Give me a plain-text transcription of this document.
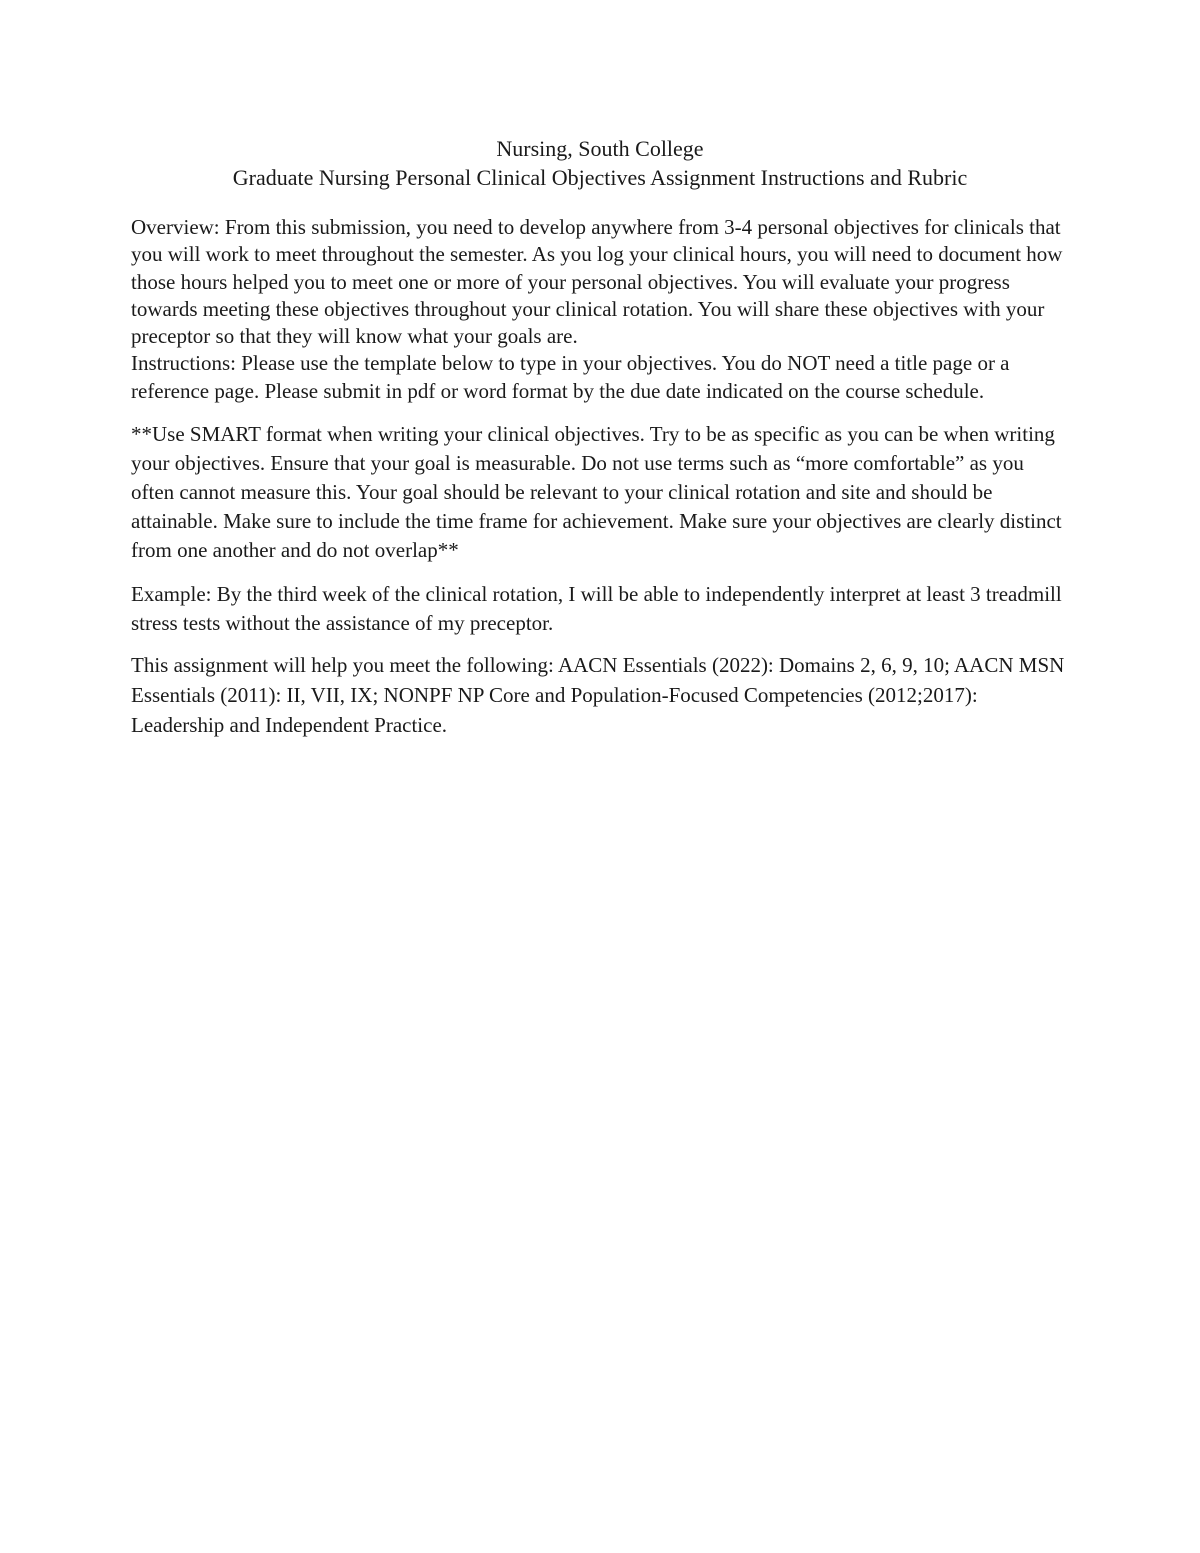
Nursing, South College
Graduate Nursing Personal Clinical Objectives Assignment Instructions and Rubric

Overview: From this submission, you need to develop anywhere from 3-4 personal objectives for clinicals that you will work to meet throughout the semester. As you log your clinical hours, you will need to document how those hours helped you to meet one or more of your personal objectives. You will evaluate your progress towards meeting these objectives throughout your clinical rotation. You will share these objectives with your preceptor so that they will know what your goals are.

Instructions: Please use the template below to type in your objectives. You do NOT need a title page or a reference page. Please submit in pdf or word format by the due date indicated on the course schedule.

**Use SMART format when writing your clinical objectives. Try to be as specific as you can be when writing your objectives. Ensure that your goal is measurable. Do not use terms such as “more comfortable” as you often cannot measure this. Your goal should be relevant to your clinical rotation and site and should be attainable. Make sure to include the time frame for achievement. Make sure your objectives are clearly distinct from one another and do not overlap**

Example: By the third week of the clinical rotation, I will be able to independently interpret at least 3 treadmill stress tests without the assistance of my preceptor.

This assignment will help you meet the following: AACN Essentials (2022): Domains 2, 6, 9, 10; AACN MSN Essentials (2011): II, VII, IX; NONPF NP Core and Population-Focused Competencies (2012;2017): Leadership and Independent Practice.
